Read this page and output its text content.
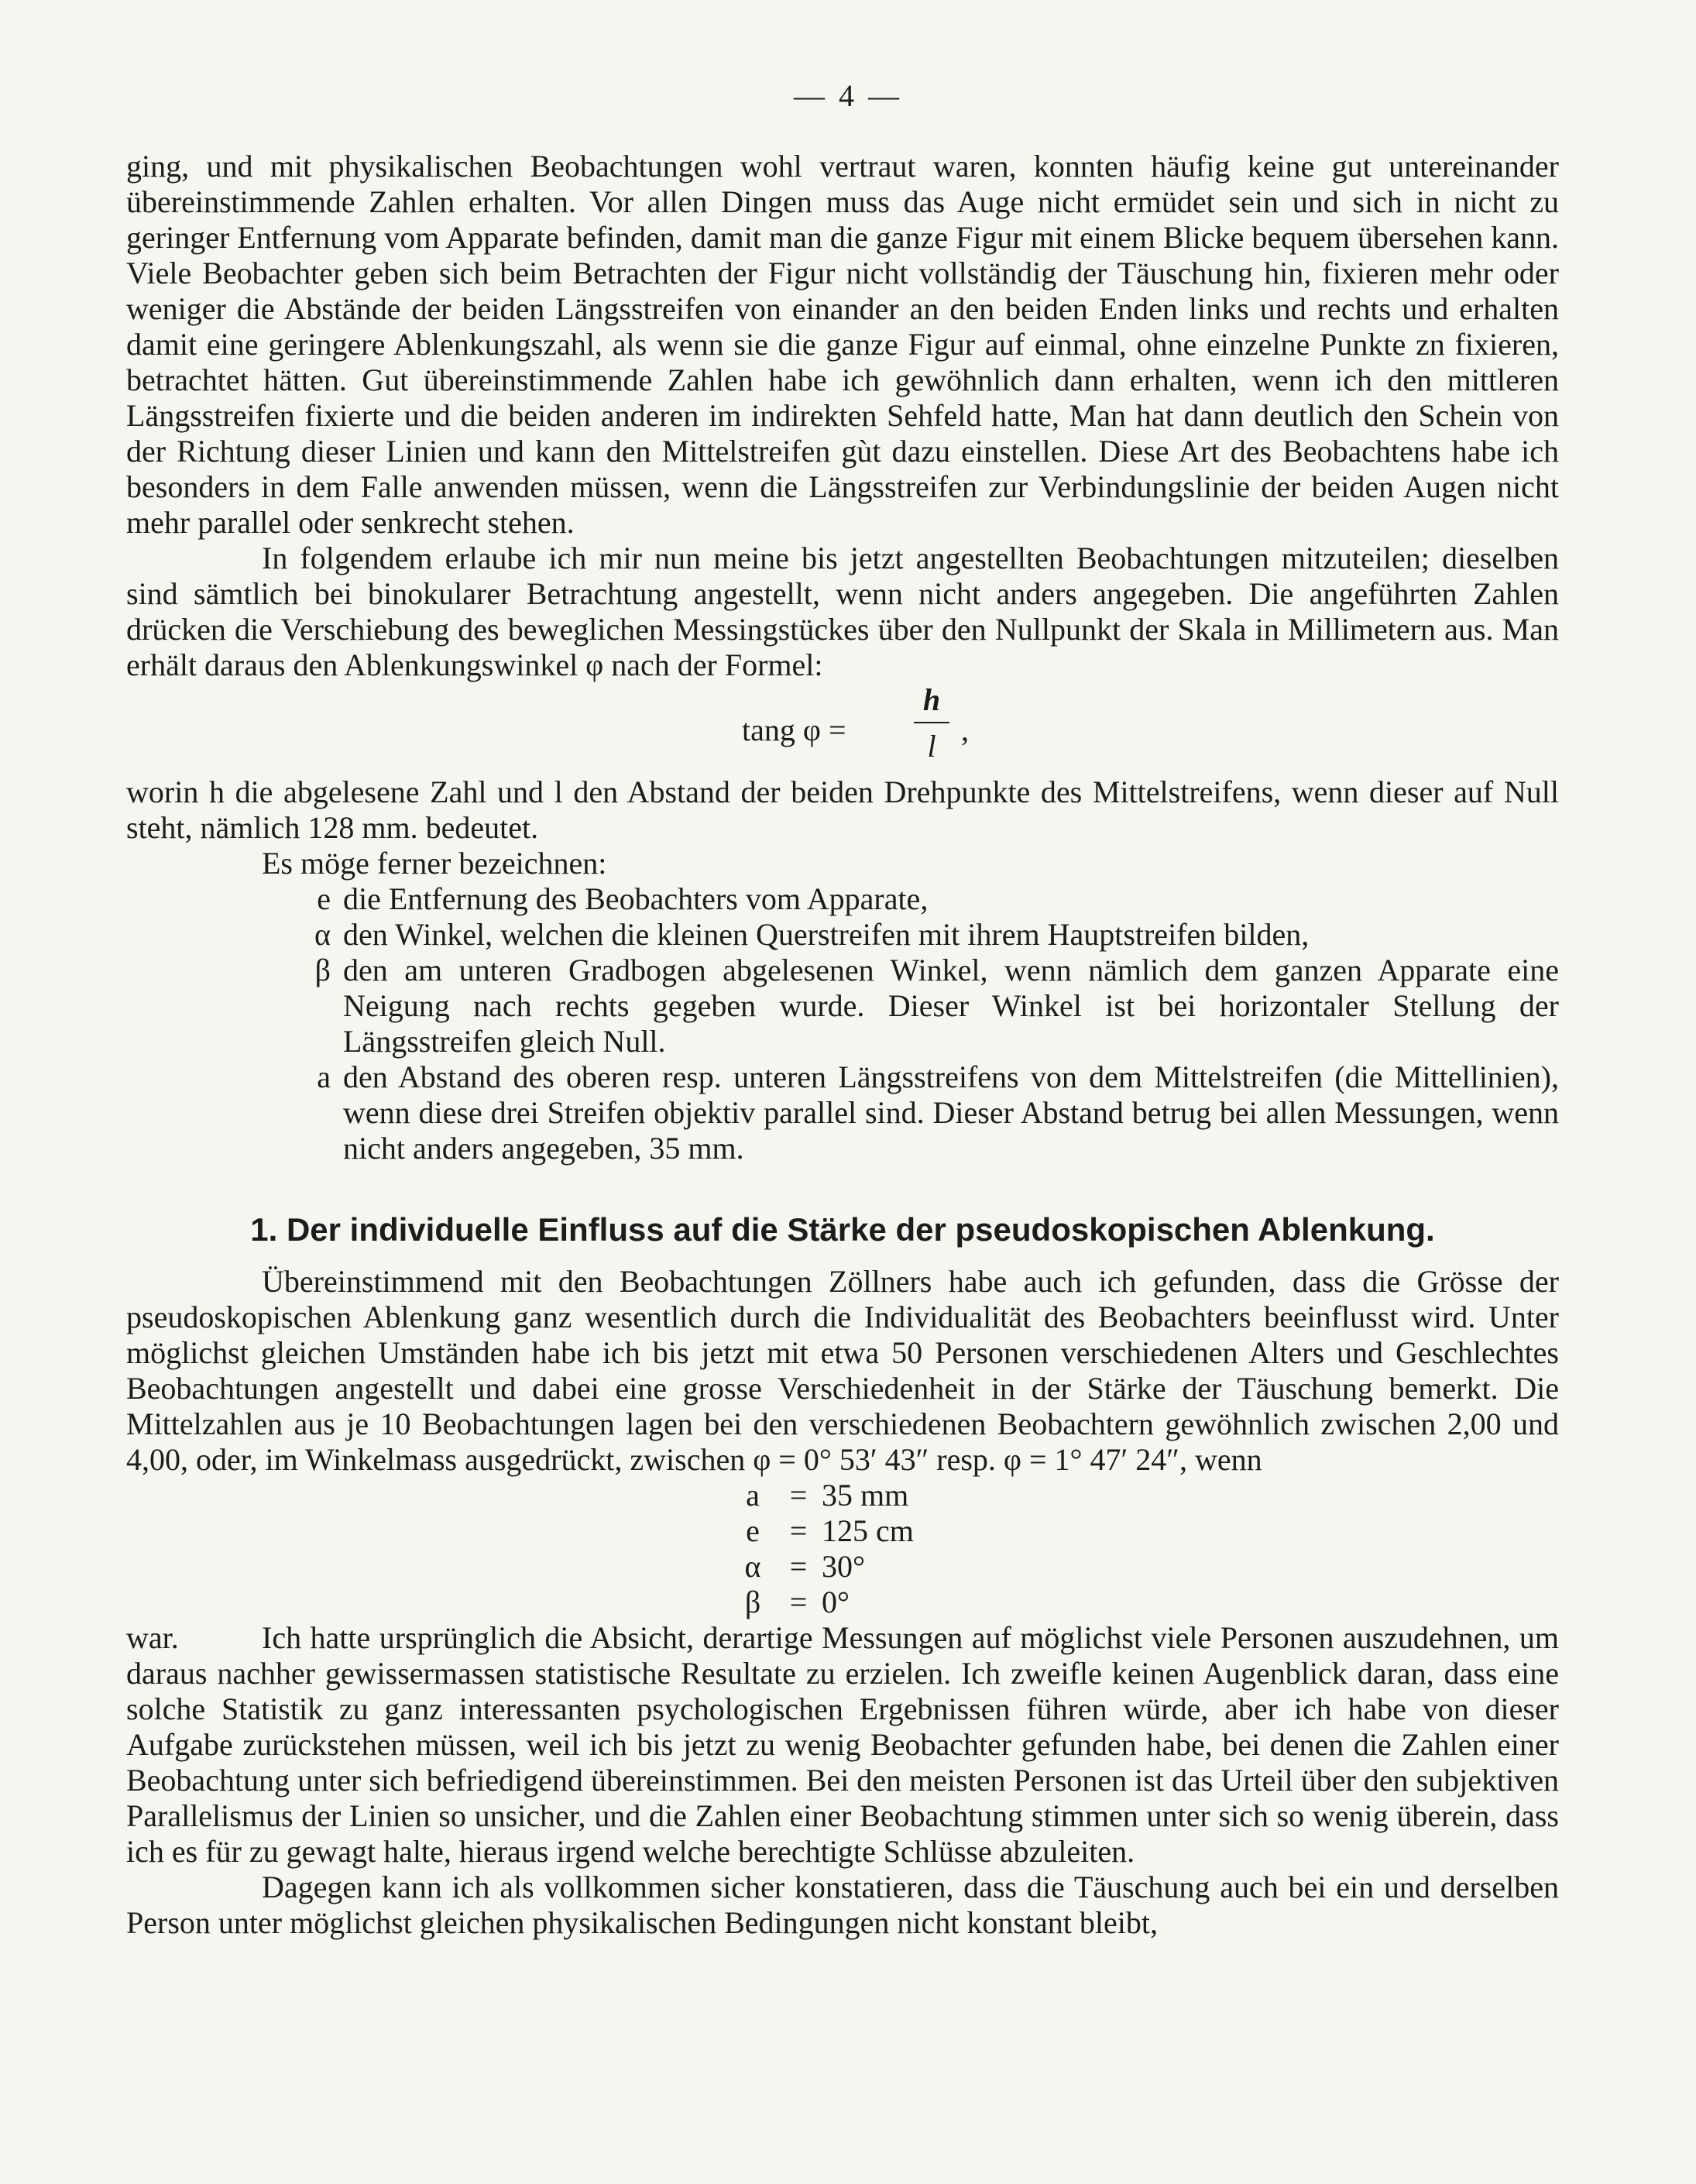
— 4 —

ging, und mit physikalischen Beobachtungen wohl vertraut waren, konnten häufig keine gut untereinander übereinstimmende Zahlen erhalten. Vor allen Dingen muss das Auge nicht ermüdet sein und sich in nicht zu geringer Entfernung vom Apparate befinden, damit man die ganze Figur mit einem Blicke bequem übersehen kann. Viele Beobachter geben sich beim Betrachten der Figur nicht vollständig der Täuschung hin, fixieren mehr oder weniger die Abstände der beiden Längsstreifen von einander an den beiden Enden links und rechts und erhalten damit eine geringere Ablenkungszahl, als wenn sie die ganze Figur auf einmal, ohne einzelne Punkte zn fixieren, betrachtet hätten. Gut übereinstimmende Zahlen habe ich gewöhnlich dann erhalten, wenn ich den mittleren Längsstreifen fixierte und die beiden anderen im indirekten Sehfeld hatte, Man hat dann deutlich den Schein von der Richtung dieser Linien und kann den Mittelstreifen gùt dazu einstellen. Diese Art des Beobachtens habe ich besonders in dem Falle anwenden müssen, wenn die Längsstreifen zur Verbindungslinie der beiden Augen nicht mehr parallel oder senkrecht stehen.

In folgendem erlaube ich mir nun meine bis jetzt angestellten Beobachtungen mitzuteilen; dieselben sind sämtlich bei binokularer Betrachtung angestellt, wenn nicht anders angegeben. Die angeführten Zahlen drücken die Verschiebung des beweglichen Messingstückes über den Nullpunkt der Skala in Millimetern aus. Man erhält daraus den Ablenkungswinkel φ nach der Formel:

tang φ =
h
l ,

worin h die abgelesene Zahl und l den Abstand der beiden Drehpunkte des Mittelstreifens, wenn dieser auf Null steht, nämlich 128 mm. bedeutet.

Es möge ferner bezeichnen:

e die Entfernung des Beobachters vom Apparate,
α den Winkel, welchen die kleinen Querstreifen mit ihrem Hauptstreifen bilden,
β den am unteren Gradbogen abgelesenen Winkel, wenn nämlich dem ganzen Apparate eine Neigung nach rechts gegeben wurde. Dieser Winkel ist bei horizontaler Stellung der Längsstreifen gleich Null.
a den Abstand des oberen resp. unteren Längsstreifens von dem Mittelstreifen (die Mittellinien), wenn diese drei Streifen objektiv parallel sind. Dieser Abstand betrug bei allen Messungen, wenn nicht anders angegeben, 35 mm.
1. Der individuelle Einfluss auf die Stärke der pseudoskopischen Ablenkung.

Übereinstimmend mit den Beobachtungen Zöllners habe auch ich gefunden, dass die Grösse der pseudoskopischen Ablenkung ganz wesentlich durch die Individualität des Beobachters beeinflusst wird. Unter möglichst gleichen Umständen habe ich bis jetzt mit etwa 50 Personen verschiedenen Alters und Geschlechtes Beobachtungen angestellt und dabei eine grosse Verschiedenheit in der Stärke der Täuschung bemerkt. Die Mittelzahlen aus je 10 Beobachtungen lagen bei den verschiedenen Beobachtern gewöhnlich zwischen 2,00 und 4,00, oder, im Winkelmass ausgedrückt, zwischen φ = 0° 53′ 43″ resp. φ = 1° 47′ 24″, wenn

a = 35 mm
e = 125 cm
α = 30°
β = 0°
war.	Ich hatte ursprünglich die Absicht, derartige Messungen auf möglichst viele Personen auszudehnen, um daraus nachher gewissermassen statistische Resultate zu erzielen. Ich zweifle keinen Augenblick daran, dass eine solche Statistik zu ganz interessanten psychologischen Ergebnissen führen würde, aber ich habe von dieser Aufgabe zurückstehen müssen, weil ich bis jetzt zu wenig Beobachter gefunden habe, bei denen die Zahlen einer Beobachtung unter sich befriedigend übereinstimmen. Bei den meisten Personen ist das Urteil über den subjektiven Parallelismus der Linien so unsicher, und die Zahlen einer Beobachtung stimmen unter sich so wenig überein, dass ich es für zu gewagt halte, hieraus irgend welche berechtigte Schlüsse abzuleiten.

Dagegen kann ich als vollkommen sicher konstatieren, dass die Täuschung auch bei ein und derselben Person unter möglichst gleichen physikalischen Bedingungen nicht konstant bleibt,
